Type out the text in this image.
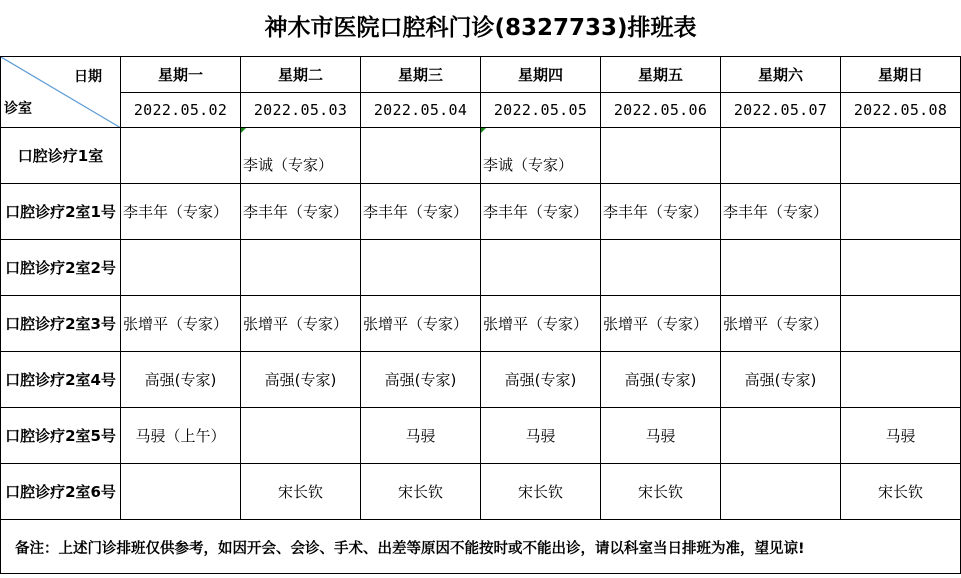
神木市医院口腔科门诊(8327733)排班表
日期
诊室	星期一	星期二	星期三	星期四	星期五	星期六	星期日
	2022.05.02	2022.05.03	2022.05.04	2022.05.05	2022.05.06	2022.05.07	2022.05.08
口腔诊疗1室		李诚（专家）		李诚（专家）			
口腔诊疗2室1号	李丰年（专家）	李丰年（专家）	李丰年（专家）	李丰年（专家）	李丰年（专家）	李丰年（专家）	
口腔诊疗2室2号							
口腔诊疗2室3号	张增平（专家）	张增平（专家）	张增平（专家）	张增平（专家）	张增平（专家）	张增平（专家）	
口腔诊疗2室4号	高强(专家)	高强(专家)	高强(专家)	高强(专家)	高强(专家)	高强(专家)	
口腔诊疗2室5号	马骎（上午）		马骎	马骎	马骎		马骎
口腔诊疗2室6号		宋长钦	宋长钦	宋长钦	宋长钦		宋长钦
备注：上述门诊排班仅供参考，如因开会、会诊、手术、出差等原因不能按时或不能出诊，请以科室当日排班为准，望见谅!
